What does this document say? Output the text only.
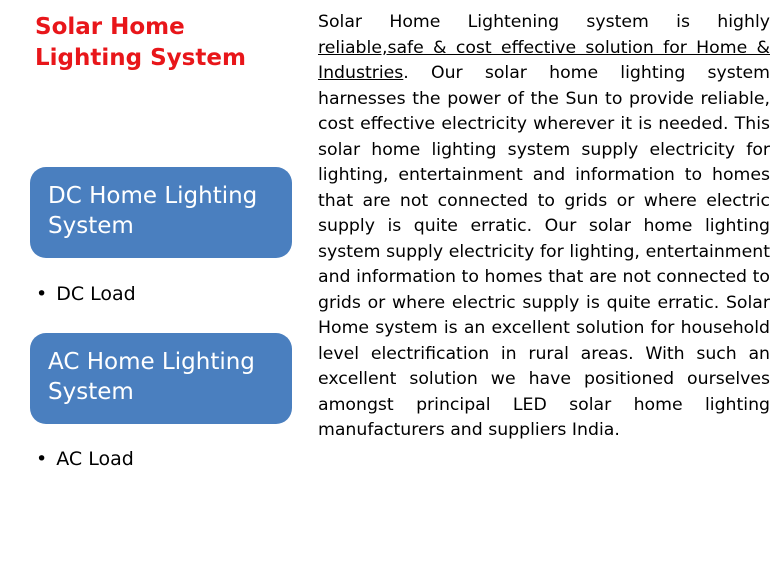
Solar Home Lighting System
DC Home Lighting System
• DC Load
AC Home Lighting System
• AC Load

Solar Home Lightening system is highly reliable,safe & cost effective solution for Home & Industries. Our solar home lighting system harnesses the power of the Sun to provide reliable, cost effective electricity wherever it is needed. This solar home lighting system supply electricity for lighting, entertainment and information to homes that are not connected to grids or where electric supply is quite erratic. Our solar home lighting system supply electricity for lighting, entertainment and information to homes that are not connected to grids or where electric supply is quite erratic. Solar Home system is an excellent solution for household level electrification in rural areas. With such an excellent solution we have positioned ourselves amongst principal LED solar home lighting manufacturers and suppliers India.
